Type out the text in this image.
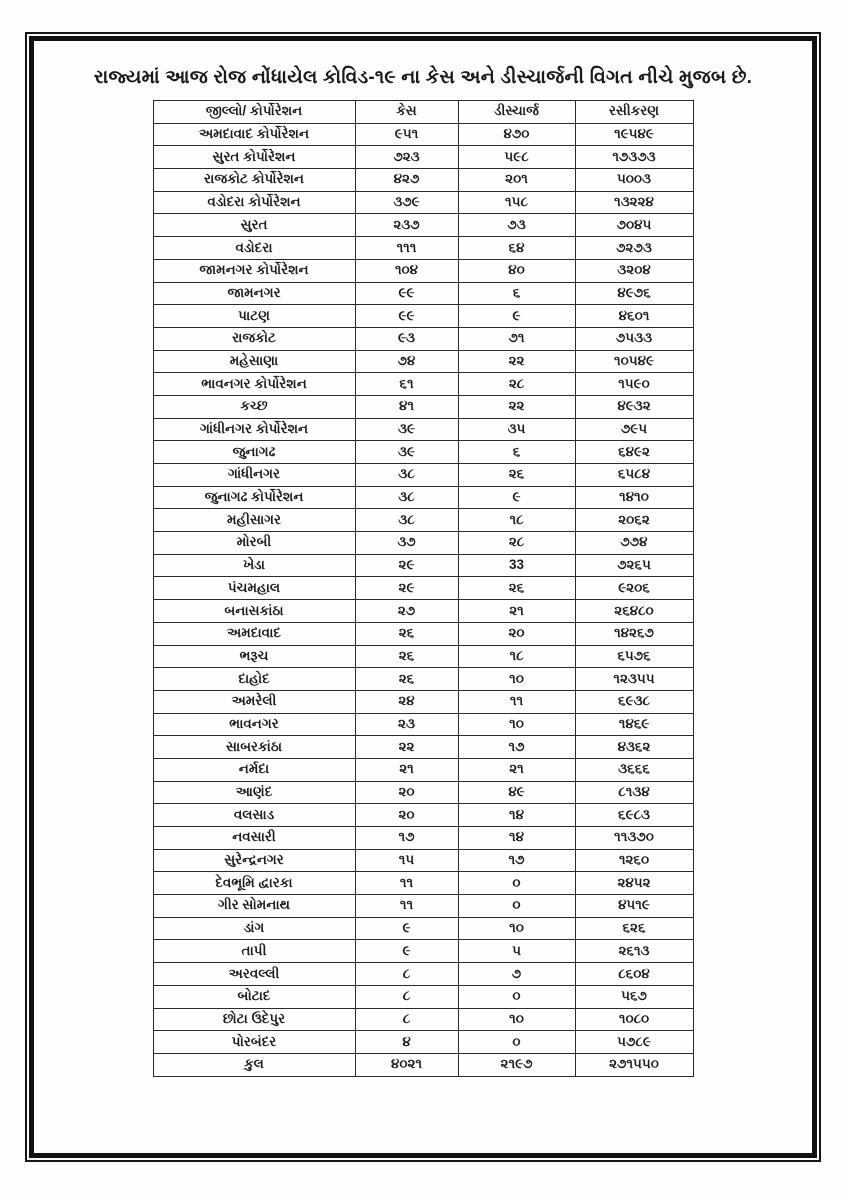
રાજ્યમાં આજ રોજ નોંધાયેલ કોવિડ-૧૯ ના કેસ અને ડીસ્ચાર્જની વિગત નીચે મુજબ છે.
જીલ્લો/ કોર્પોરેશન	કેસ	ડીસ્ચાર્જ	રસીકરણ
અમદાવાદ કોર્પોરેશન	૯૫૧	૪૭૦	૧૯૫૪૯
સુરત કોર્પોરેશન	૭૨૩	૫૯૮	૧૭૩૭૩
રાજકોટ કોર્પોરેશન	૪૨૭	૨૦૧	૫૦૦૩
વડોદરા કોર્પોરેશન	૩૭૯	૧૫૮	૧૩૨૨૪
સુરત	૨૩૭	૭૩	૭૦૪૫
વડોદરા	૧૧૧	૬૪	૭૨૭૩
જામનગર કોર્પોરેશન	૧૦૪	૪૦	૩૨૦૪
જામનગર	૯૯	૬	૪૯૭૬
પાટણ	૯૯	૯	૪૬૦૧
રાજકોટ	૯૩	૭૧	૭૫૩૩
મહેસાણા	૭૪	૨૨	૧૦૫૪૯
ભાવનગર કોર્પોરેશન	૬૧	૨૮	૧૫૯૦
કચ્છ	૪૧	૨૨	૪૯૩૨
ગાંધીનગર કોર્પોરેશન	૩૯	૩૫	૭૯૫
જુનાગઢ	૩૯	૬	૬૪૯૨
ગાંધીનગર	૩૮	૨૬	૬૫૮૪
જુનાગઢ કોર્પોરેશન	૩૮	૯	૧૪૧૦
મહીસાગર	૩૮	૧૮	૨૦૬૨
મોરબી	૩૭	૨૮	૭૭૪
ખેડા	૨૯	33	૭૨૬૫
પંચમહાલ	૨૯	૨૬	૯૨૦૬
બનાસકાંઠા	૨૭	૨૧	૨૬૪૮૦
અમદાવાદ	૨૬	૨૦	૧૪૨૬૭
ભરૂચ	૨૬	૧૮	૬૫૭૬
દાહોદ	૨૬	૧૦	૧૨૩૫૫
અમરેલી	૨૪	૧૧	૬૯૩૮
ભાવનગર	૨૩	૧૦	૧૪૬૯
સાબરકાંઠા	૨૨	૧૭	૪૩૬૨
નર્મદા	૨૧	૨૧	૩૬૬૬
આણંદ	૨૦	૪૯	૮૧૩૪
વલસાડ	૨૦	૧૪	૬૯૮૩
નવસારી	૧૭	૧૪	૧૧૩૭૦
સુરેન્દ્રનગર	૧૫	૧૭	૧૨૬૦
દેવભૂમિ દ્વારકા	૧૧	૦	૨૪૫૨
ગીર સોમનાથ	૧૧	૦	૪૫૧૯
ડાંગ	૯	૧૦	૬૨૬
તાપી	૯	૫	૨૬૧૩
અરવલ્લી	૮	૭	૮૬૦૪
બોટાદ	૮	૦	૫૬૭
છોટા ઉદેપુર	૮	૧૦	૧૦૮૦
પોરબંદર	૪	૦	૫૭૮૯
કુલ	૪૦૨૧	૨૧૯૭	૨૭૧૫૫૦
